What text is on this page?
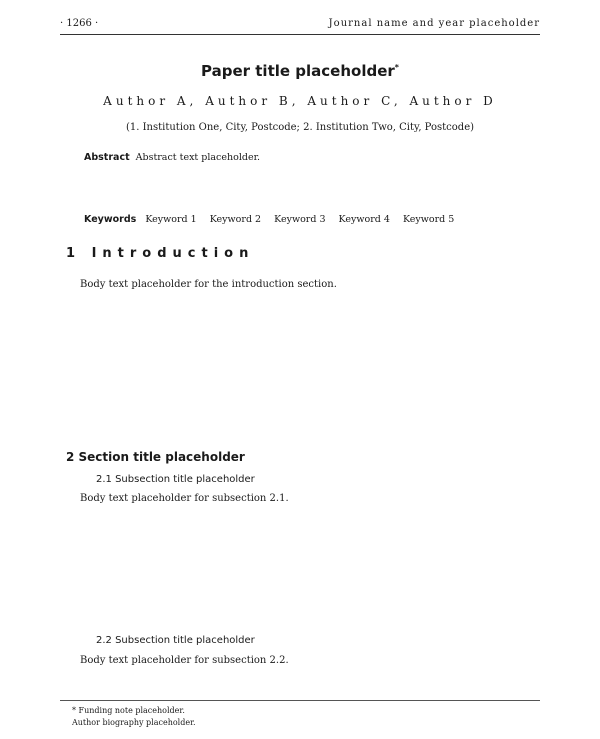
· 1266 ·	Journal name and year placeholder
Paper title placeholder*
Author A, Author B, Author C, Author D
(1. Institution One, City, Postcode; 2. Institution Two, City, Postcode)
Abstract Abstract text placeholder.
Keywords Keyword 1 Keyword 2 Keyword 3 Keyword 4 Keyword 5
1 Introduction
Body text placeholder for the introduction section.
2 Section title placeholder
2.1 Subsection title placeholder
Body text placeholder for subsection 2.1.
2.2 Subsection title placeholder
Body text placeholder for subsection 2.2.
* Funding note placeholder.
Author biography placeholder.
